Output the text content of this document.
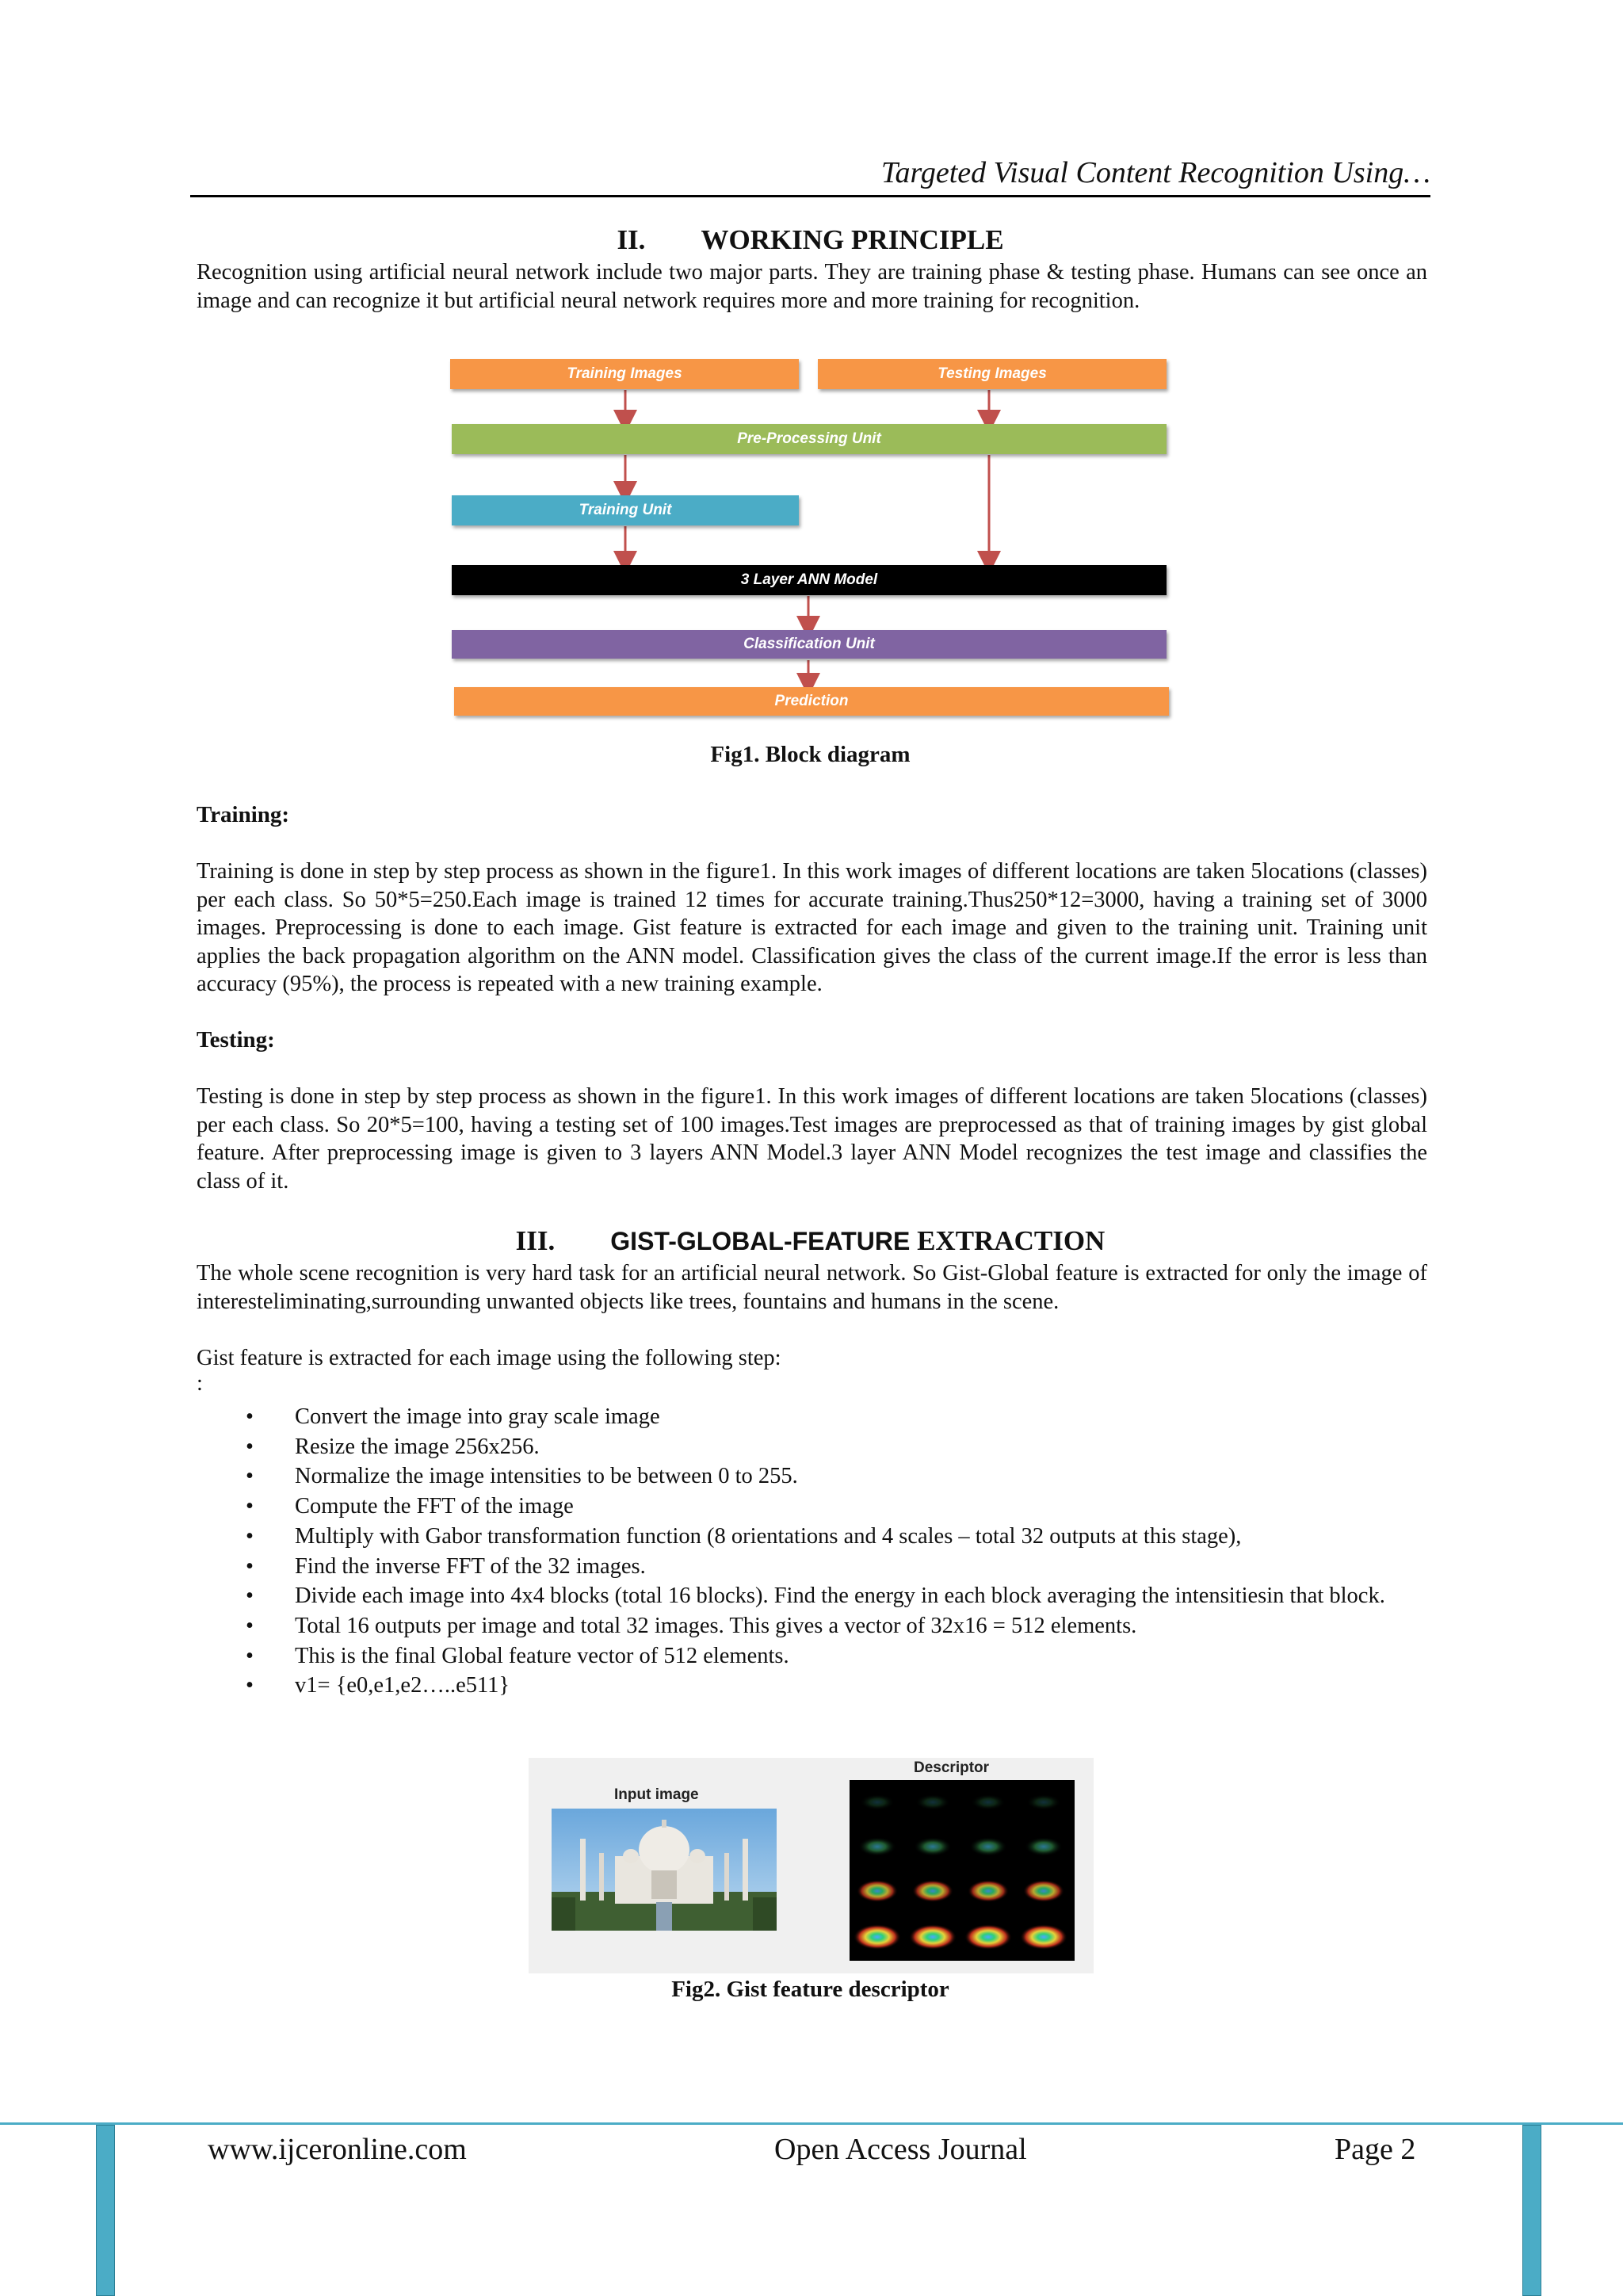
Targeted Visual Content Recognition Using…
II. WORKING PRINCIPLE

Recognition using artificial neural network include two major parts. They are training phase & testing phase. Humans can see once an image and can recognize it but artificial neural network requires more and more training for recognition.

Training Images	Testing Images
Pre-Processing Unit
Training Unit
3 Layer ANN Model
Classification Unit
Prediction
Fig1. Block diagram
Training:

Training is done in step by step process as shown in the figure1. In this work images of different locations are taken 5locations (classes) per each class. So 50*5=250.Each image is trained 12 times for accurate training.Thus250*12=3000, having a training set of 3000 images. Preprocessing is done to each image. Gist feature is extracted for each image and given to the training unit. Training unit applies the back propagation algorithm on the ANN model. Classification gives the class of the current image.If the error is less than accuracy (95%), the process is repeated with a new training example.

Testing:

Testing is done in step by step process as shown in the figure1. In this work images of different locations are taken 5locations (classes) per each class. So 20*5=100, having a testing set of 100 images.Test images are preprocessed as that of training images by gist global feature. After preprocessing image is given to 3 layers ANN Model.3 layer ANN Model recognizes the test image and classifies the class of it.

III. GIST-GLOBAL-FEATURE EXTRACTION

The whole scene recognition is very hard task for an artificial neural network. So Gist-Global feature is extracted for only the image of interesteliminating,surrounding unwanted objects like trees, fountains and humans in the scene.

Gist feature is extracted for each image using the following step:

:
• Convert the image into gray scale image
• Resize the image 256x256.
• Normalize the image intensities to be between 0 to 255.
• Compute the FFT of the image
• Multiply with Gabor transformation function (8 orientations and 4 scales – total 32 outputs at this stage),
• Find the inverse FFT of the 32 images.
• Divide each image into 4x4 blocks (total 16 blocks). Find the energy in each block averaging the intensitiesin that block.
• Total 16 outputs per image and total 32 images. This gives a vector of 32x16 = 512 elements.
• This is the final Global feature vector of 512 elements.
• v1= {e0,e1,e2…..e511}
Input image
Descriptor
Fig2. Gist feature descriptor
www.ijceronline.com	Open Access Journal	Page 2
